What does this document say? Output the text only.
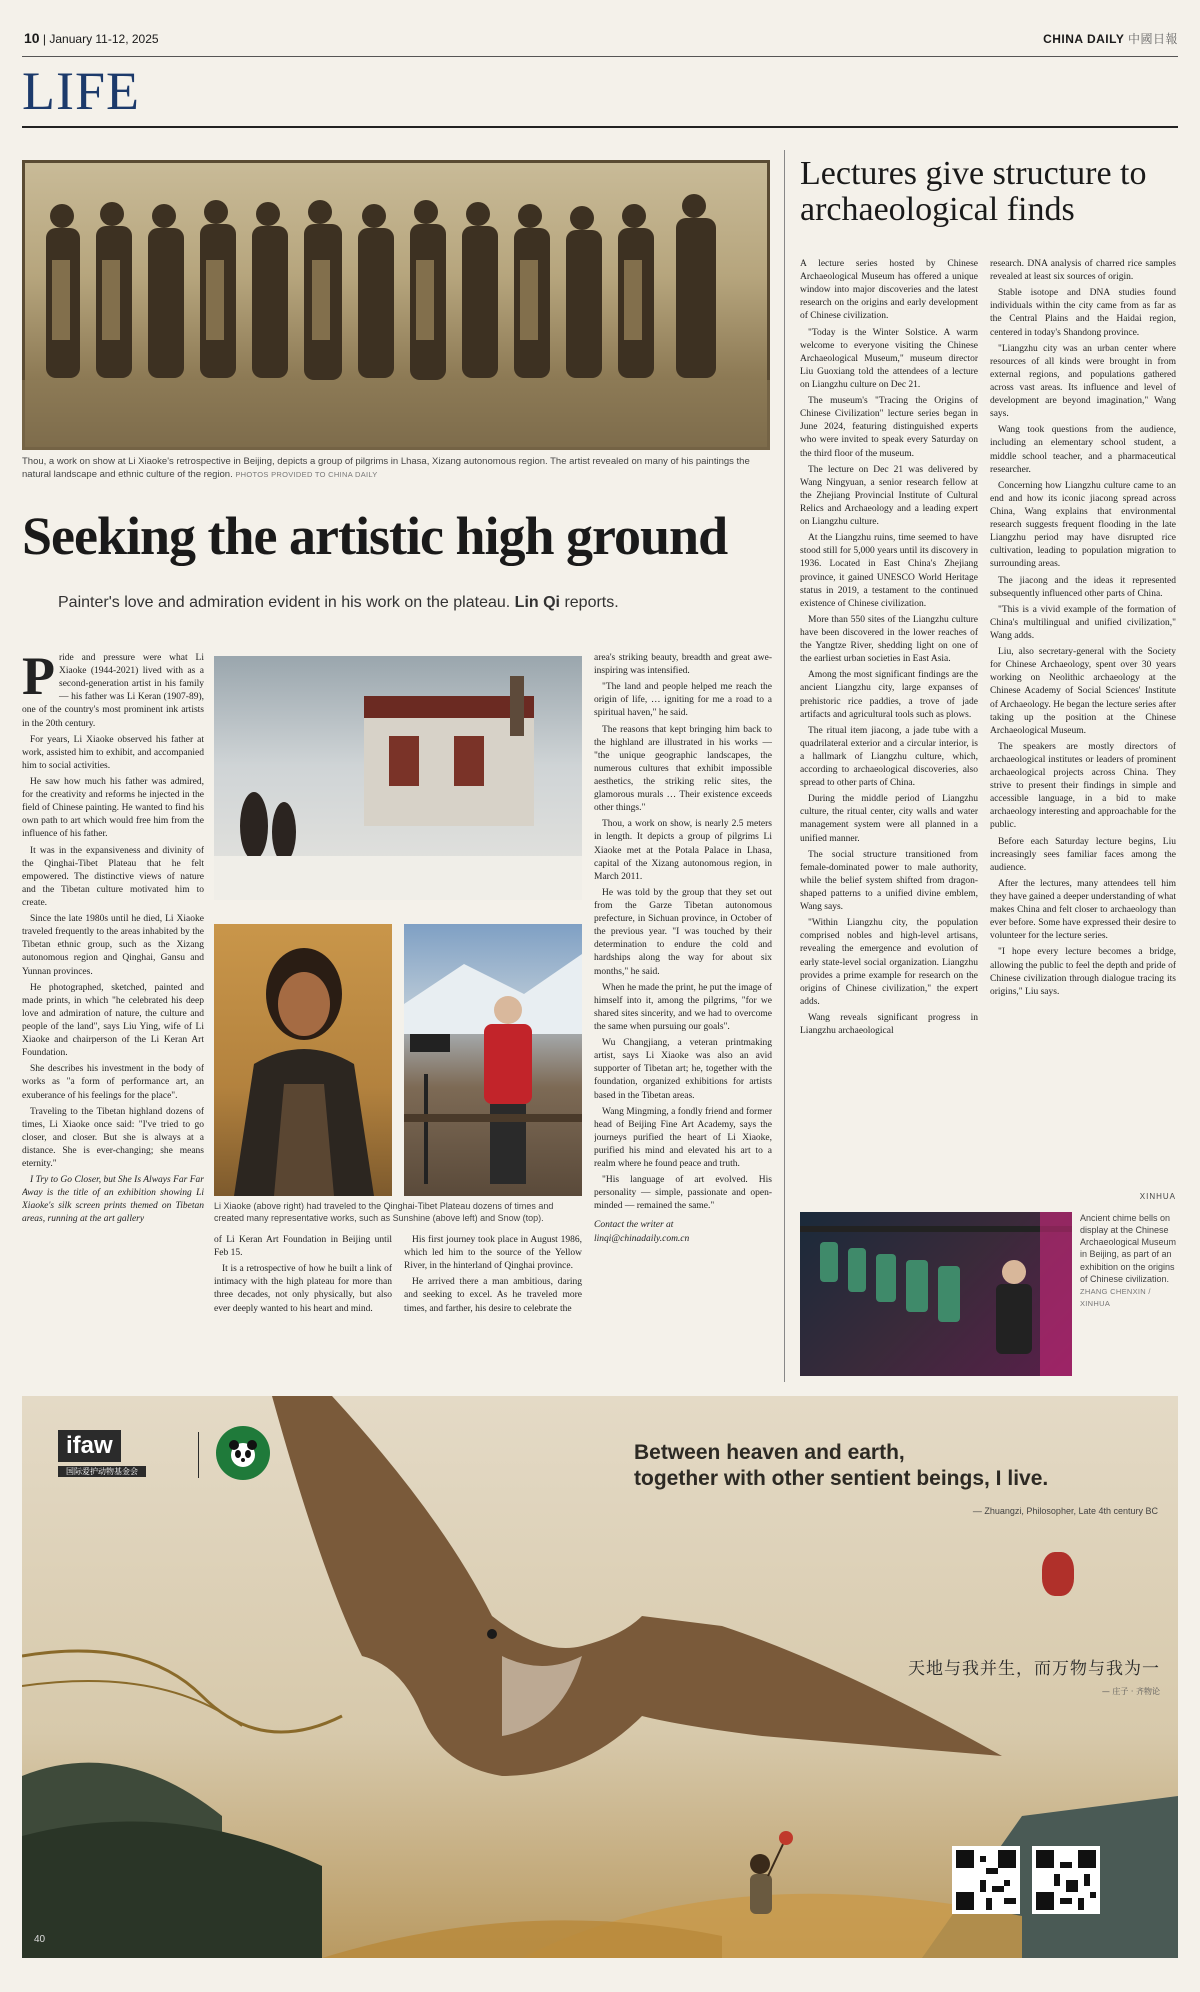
10 | January 11-12, 2025	CHINA DAILY 中國日報
LIFE
Thou, a work on show at Li Xiaoke's retrospective in Beijing, depicts a group of pilgrims in Lhasa, Xizang autonomous region. The artist revealed on many of his paintings the natural landscape and ethnic culture of the region. PHOTOS PROVIDED TO CHINA DAILY
Seeking the artistic high ground
Painter's love and admiration evident in his work on the plateau. Lin Qi reports.

Pride and pressure were what Li Xiaoke (1944-2021) lived with as a second-generation artist in his family — his father was Li Keran (1907-89), one of the country's most prominent ink artists in the 20th century.

For years, Li Xiaoke observed his father at work, assisted him to exhibit, and accompanied him to social activities.

He saw how much his father was admired, for the creativity and reforms he injected in the field of Chinese painting. He wanted to find his own path to art which would free him from the influence of his father.

It was in the expansiveness and divinity of the Qinghai-Tibet Plateau that he felt empowered. The distinctive views of nature and the Tibetan culture motivated him to create.

Since the late 1980s until he died, Li Xiaoke traveled frequently to the areas inhabited by the Tibetan ethnic group, such as the Xizang autonomous region and Qinghai, Gansu and Yunnan provinces.

He photographed, sketched, painted and made prints, in which "he celebrated his deep love and admiration of nature, the culture and people of the land", says Liu Ying, wife of Li Xiaoke and chairperson of the Li Keran Art Foundation.

She describes his investment in the body of works as "a form of performance art, an exuberance of his feelings for the place".

Traveling to the Tibetan highland dozens of times, Li Xiaoke once said: "I've tried to go closer, and closer. But she is always at a distance. She is ever-changing; she means eternity."

I Try to Go Closer, but She Is Always Far Far Away is the title of an exhibition showing Li Xiaoke's silk screen prints themed on Tibetan areas, running at the art gallery

Li Xiaoke (above right) had traveled to the Qinghai-Tibet Plateau dozens of times and created many representative works, such as Sunshine (above left) and Snow (top).

of Li Keran Art Foundation in Beijing until Feb 15.

It is a retrospective of how he built a link of intimacy with the high plateau for more than three decades, not only physically, but also ever deeply wanted to his heart and mind.

His first journey took place in August 1986, which led him to the source of the Yellow River, in the hinterland of Qinghai province.

He arrived there a man ambitious, daring and seeking to excel. As he traveled more times, and farther, his desire to celebrate the

area's striking beauty, breadth and great awe-inspiring was intensified.

"The land and people helped me reach the origin of life, … igniting for me a road to a spiritual haven," he said.

The reasons that kept bringing him back to the highland are illustrated in his works — "the unique geographic landscapes, the numerous cultures that exhibit impossible aesthetics, the striking relic sites, the glamorous murals … Their existence exceeds other things."

Thou, a work on show, is nearly 2.5 meters in length. It depicts a group of pilgrims Li Xiaoke met at the Potala Palace in Lhasa, capital of the Xizang autonomous region, in March 2011.

He was told by the group that they set out from the Garze Tibetan autonomous prefecture, in Sichuan province, in October of the previous year. "I was touched by their determination to endure the cold and hardships along the way for about six months," he said.

When he made the print, he put the image of himself into it, among the pilgrims, "for we shared sites sincerity, and we had to overcome the same when pursuing our goals".

Wu Changjiang, a veteran printmaking artist, says Li Xiaoke was also an avid supporter of Tibetan art; he, together with the foundation, organized exhibitions for artists based in the Tibetan areas.

Wang Mingming, a fondly friend and former head of Beijing Fine Art Academy, says the journeys purified the heart of Li Xiaoke, purified his mind and elevated his art to a realm where he found peace and truth.

"His language of art evolved. His personality — simple, passionate and open-minded — remained the same."

Contact the writer at
linqi@chinadaily.com.cn

Lectures give structure to archaeological finds

A lecture series hosted by Chinese Archaeological Museum has offered a unique window into major discoveries and the latest research on the origins and early development of Chinese civilization.

"Today is the Winter Solstice. A warm welcome to everyone visiting the Chinese Archaeological Museum," museum director Liu Guoxiang told the attendees of a lecture on Liangzhu culture on Dec 21.

The museum's "Tracing the Origins of Chinese Civilization" lecture series began in June 2024, featuring distinguished experts who were invited to speak every Saturday on the third floor of the museum.

The lecture on Dec 21 was delivered by Wang Ningyuan, a senior research fellow at the Zhejiang Provincial Institute of Cultural Relics and Archaeology and a leading expert on Liangzhu culture.

At the Liangzhu ruins, time seemed to have stood still for 5,000 years until its discovery in 1936. Located in East China's Zhejiang province, it gained UNESCO World Heritage status in 2019, a testament to the continued existence of Chinese civilization.

More than 550 sites of the Liangzhu culture have been discovered in the lower reaches of the Yangtze River, shedding light on one of the earliest urban societies in East Asia.

Among the most significant findings are the ancient Liangzhu city, large expanses of prehistoric rice paddies, a trove of jade artifacts and agricultural tools such as plows.

The ritual item jiacong, a jade tube with a quadrilateral exterior and a circular interior, is a hallmark of Liangzhu culture, which, according to archaeological discoveries, also spread to other parts of China.

During the middle period of Liangzhu culture, the ritual center, city walls and water management system were all planned in a unified manner.

The social structure transitioned from female-dominated power to male authority, while the belief system shifted from dragon-shaped patterns to a unified divine emblem, Wang says.

"Within Liangzhu city, the population comprised nobles and high-level artisans, revealing the emergence and evolution of early state-level social organization. Liangzhu provides a prime example for research on the origins of Chinese civilization," the expert adds.

Wang reveals significant progress in Liangzhu archaeological

research. DNA analysis of charred rice samples revealed at least six sources of origin.

Stable isotope and DNA studies found individuals within the city came from as far as the Central Plains and the Haidai region, centered in today's Shandong province.

"Liangzhu city was an urban center where resources of all kinds were brought in from external regions, and populations gathered across vast areas. Its influence and level of development are beyond imagination," Wang says.

Wang took questions from the audience, including an elementary school student, a middle school teacher, and a pharmaceutical researcher.

Concerning how Liangzhu culture came to an end and how its iconic jiacong spread across China, Wang explains that environmental research suggests frequent flooding in the late Liangzhu period may have disrupted rice cultivation, leading to population migration to surrounding areas.

The jiacong and the ideas it represented subsequently influenced other parts of China.

"This is a vivid example of the formation of China's multilingual and unified civilization," Wang adds.

Liu, also secretary-general with the Society for Chinese Archaeology, spent over 30 years working on Neolithic archaeology at the Chinese Academy of Social Sciences' Institute of Archaeology. He began the lecture series after taking up the position at the Chinese Archaeological Museum.

The speakers are mostly directors of archaeological institutes or leaders of prominent archaeological projects across China. They strive to present their findings in simple and accessible language, in a bid to make archaeology interesting and approachable for the public.

Before each Saturday lecture begins, Liu increasingly sees familiar faces among the audience.

After the lectures, many attendees tell him they have gained a deeper understanding of what makes China and felt closer to archaeology than ever before. Some have expressed their desire to volunteer for the lecture series.

"I hope every lecture becomes a bridge, allowing the public to feel the depth and pride of Chinese civilization through dialogue tracing its origins," Liu says.

XINHUA
Ancient chime bells on display at the Chinese Archaeological Museum in Beijing, as part of an exhibition on the origins of Chinese civilization.
ZHANG CHENXIN / XINHUA
ifaw
国际爱护动物基金会
Between heaven and earth,
together with other sentient beings, I live.
— Zhuangzi, Philosopher, Late 4th century BC
天地与我并生，而万物与我为一
— 庄子 · 齐物论
40
